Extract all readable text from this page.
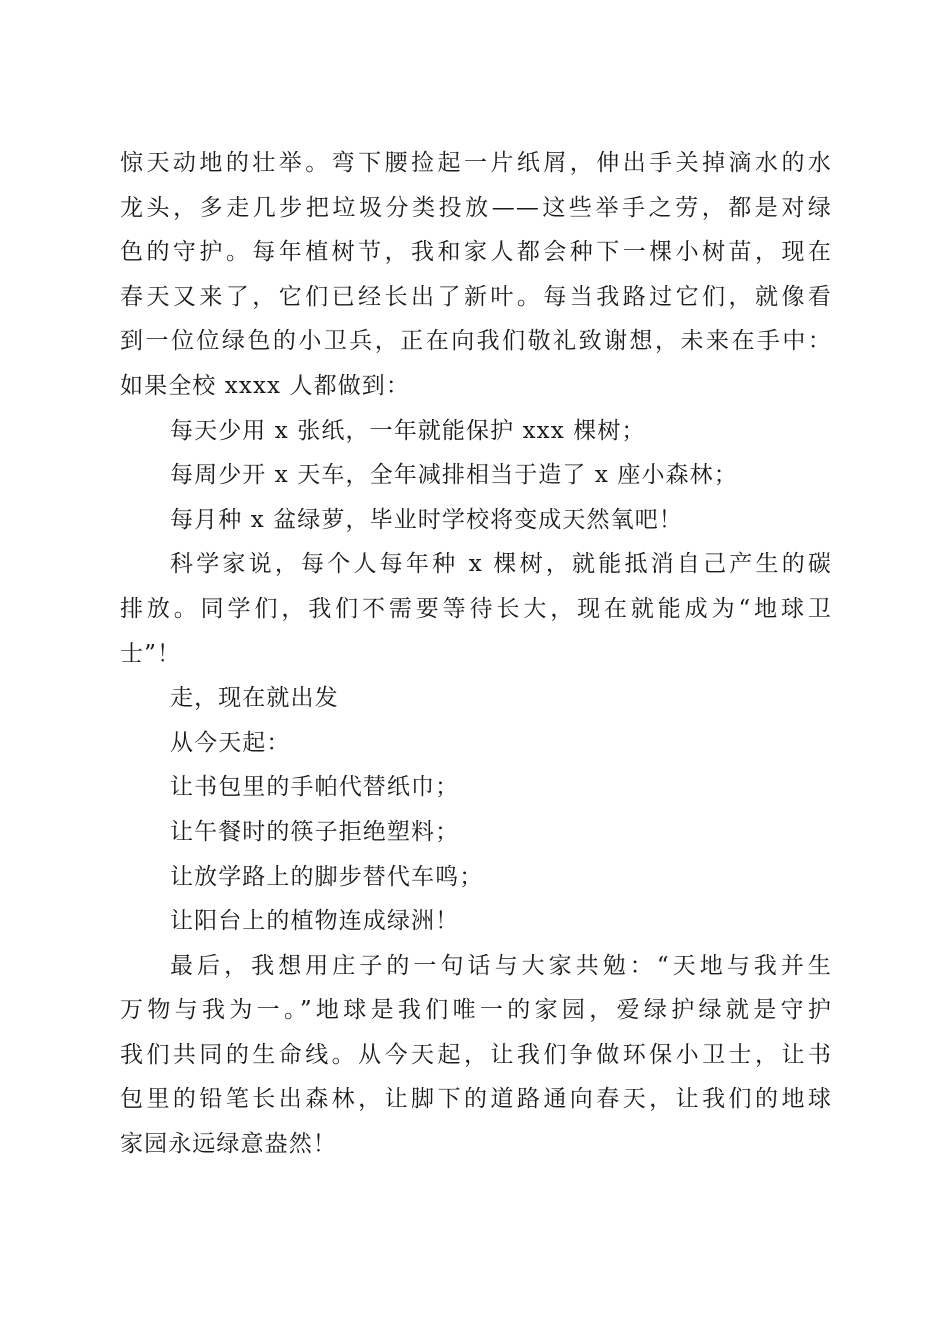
惊天动地的壮举。弯下腰捡起一片纸屑，伸出手关掉滴水的水
龙头，多走几步把垃圾分类投放——这些举手之劳，都是对绿
色的守护。每年植树节，我和家人都会种下一棵小树苗，现在
春天又来了，它们已经长出了新叶。每当我路过它们，就像看
到一位位绿色的小卫兵，正在向我们敬礼致谢想，未来在手中：
如果全校 xxxx 人都做到：
每天少用 x 张纸，一年就能保护 xxx 棵树；
每周少开 x 天车，全年减排相当于造了 x 座小森林；
每月种 x 盆绿萝，毕业时学校将变成天然氧吧！
科学家说，每个人每年种 x 棵树，就能抵消自己产生的碳
排放。同学们，我们不需要等待长大，现在就能成为“地球卫
士”！
走，现在就出发
从今天起：
让书包里的手帕代替纸巾；
让午餐时的筷子拒绝塑料；
让放学路上的脚步替代车鸣；
让阳台上的植物连成绿洲！
最后，我想用庄子的一句话与大家共勉：“天地与我并生
万物与我为一。”地球是我们唯一的家园，爱绿护绿就是守护
我们共同的生命线。从今天起，让我们争做环保小卫士，让书
包里的铅笔长出森林，让脚下的道路通向春天，让我们的地球
家园永远绿意盎然！
